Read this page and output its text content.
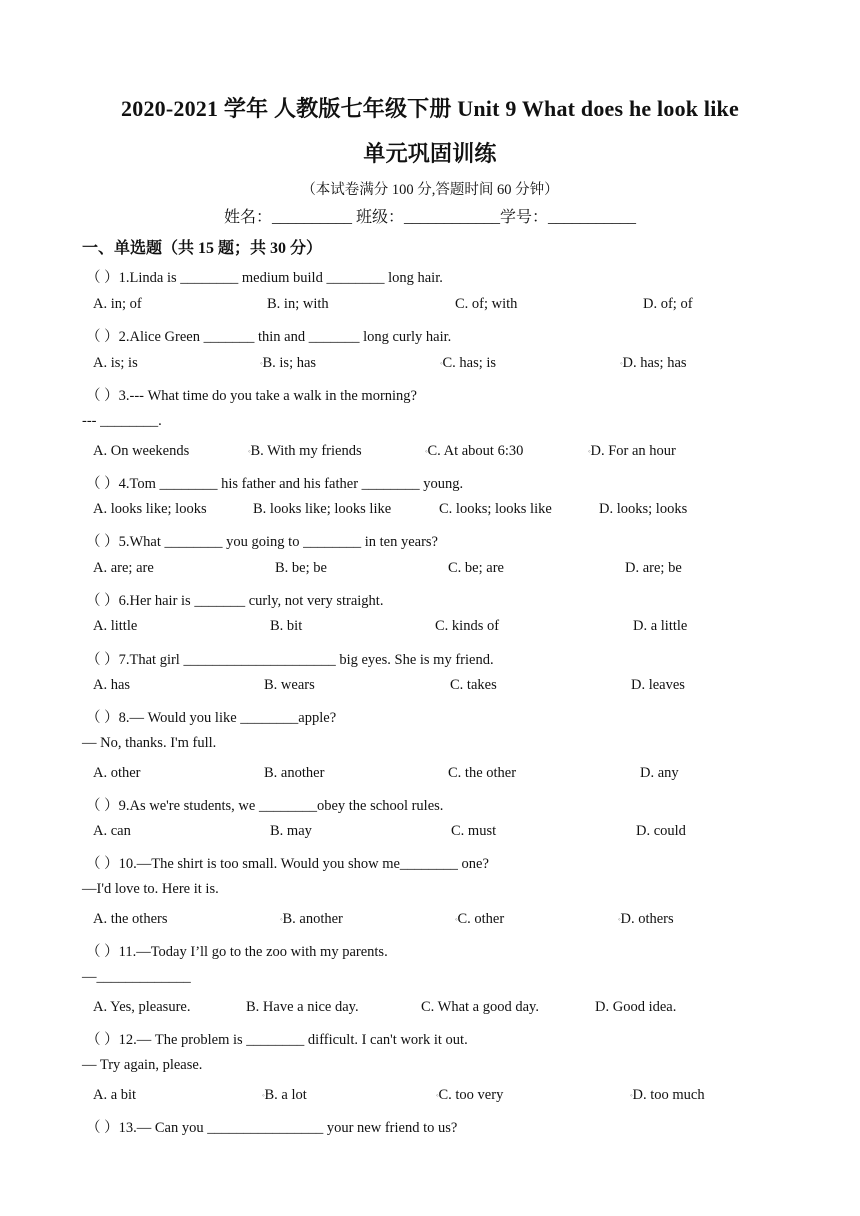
2020-2021 学年 人教版七年级下册 Unit 9 What does he look like
单元巩固训练
（本试卷满分 100 分,答题时间 60 分钟）
姓名：__________ 班级：____________学号：___________
一、单选题（共 15 题；共 30 分）
（ ）1.Linda is ________ medium build ________ long hair.
A. in; of	B. in; with	C. of; with	D. of; of
（ ）2.Alice Green _______ thin and _______ long curly hair.
A. is; is	◦B. is; has	◦C. has; is	◦D. has; has
（ ）3.--- What time do you take a walk in the morning?
--- ________.
A. On weekends	◦B. With my friends	◦C. At about 6:30	◦D. For an hour
（ ）4.Tom ________ his father and his father ________ young.
A. looks like; looks	B. looks like; looks like	C. looks; looks like	D. looks; looks
（ ）5.What ________ you going to ________ in ten years?
A. are; are	B. be; be	C. be; are	D. are; be
（ ）6.Her hair is _______ curly, not very straight.
A. little	B. bit	C. kinds of	D. a little
（ ）7.That girl _____________________ big eyes. She is my friend.
A. has	B. wears	C. takes	D. leaves
（ ）8.— Would you like ________apple?
— No, thanks. I'm full.
A. other	B. another	C. the other	D. any
（ ）9.As we're students, we ________obey the school rules.
A. can	B. may	C. must	D. could
（ ）10.—The shirt is too small. Would you show me________ one?
—I'd love to. Here it is.
A. the others	◦B. another	◦C. other	◦D. others
（ ）11.—Today I’ll go to the zoo with my parents.
—_____________
A. Yes, pleasure.	B. Have a nice day.	C. What a good day.	D. Good idea.
（ ）12.— The problem is ________ difficult. I can't work it out.
— Try again, please.
A. a bit	◦B. a lot	◦C. too very	◦D. too much
（ ）13.— Can you ________________ your new friend to us?
